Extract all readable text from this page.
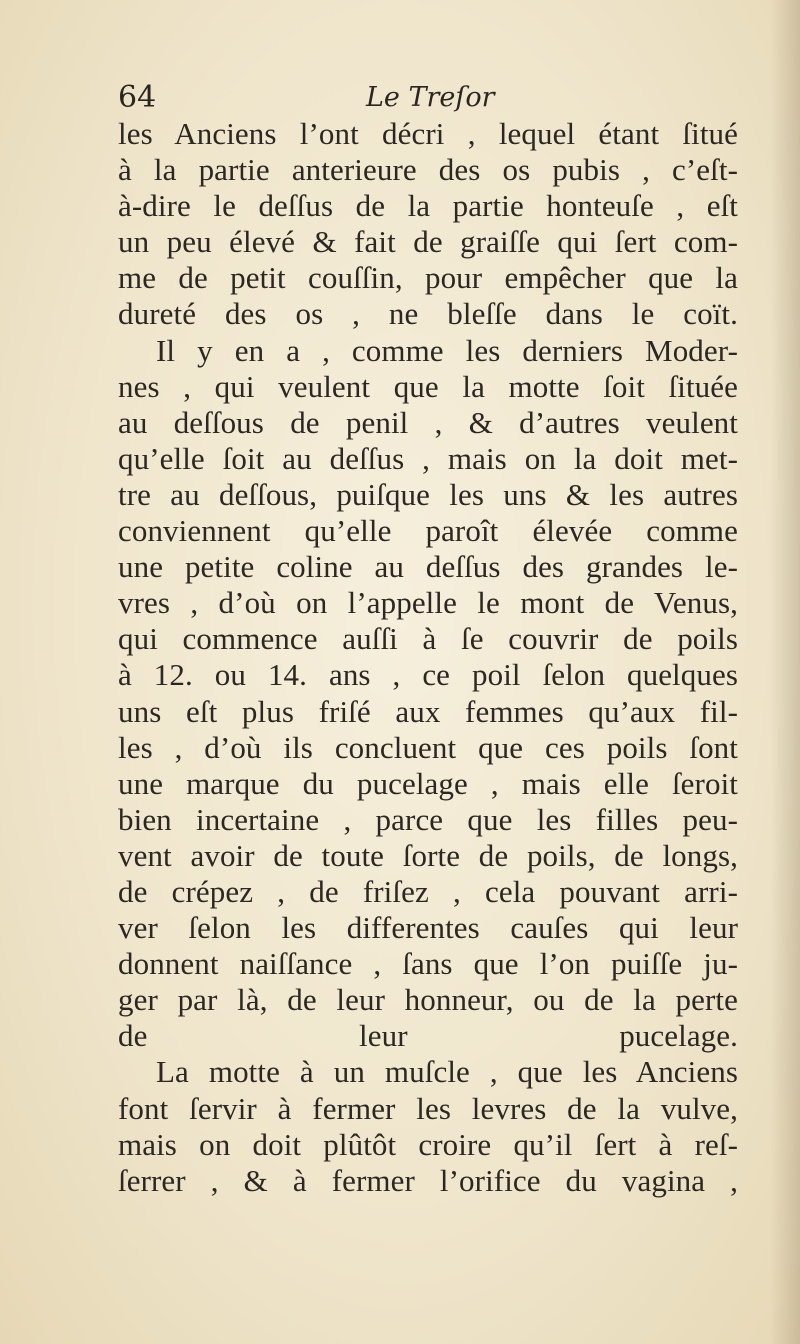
64	Le Treſor
les Anciens l’ont décri , lequel étant ſitué
à la partie anterieure des os pubis , c’eſt-
à-dire le deſſus de la partie honteuſe , eſt
un peu élevé & fait de graiſſe qui ſert com-
me de petit couſſin, pour empêcher que la
dureté des os , ne bleſſe dans le coït.
Il y en a , comme les derniers Moder-
nes , qui veulent que la motte ſoit ſituée
au deſſous de penil , & d’autres veulent
qu’elle ſoit au deſſus , mais on la doit met-
tre au deſſous, puiſque les uns & les autres
conviennent qu’elle paroît élevée comme
une petite coline au deſſus des grandes le-
vres , d’où on l’appelle le mont de Venus,
qui commence auſſi à ſe couvrir de poils
à 12. ou 14. ans , ce poil ſelon quelques
uns eſt plus friſé aux femmes qu’aux fil-
les , d’où ils concluent que ces poils ſont
une marque du pucelage , mais elle ſeroit
bien incertaine , parce que les filles peu-
vent avoir de toute ſorte de poils, de longs,
de crépez , de friſez , cela pouvant arri-
ver ſelon les differentes cauſes qui leur
donnent naiſſance , ſans que l’on puiſſe ju-
ger par là, de leur honneur, ou de la perte
de leur pucelage.
La motte à un muſcle , que les Anciens
font ſervir à fermer les levres de la vulve,
mais on doit plûtôt croire qu’il ſert à reſ-
ſerrer , & à fermer l’orifice du vagina ,
